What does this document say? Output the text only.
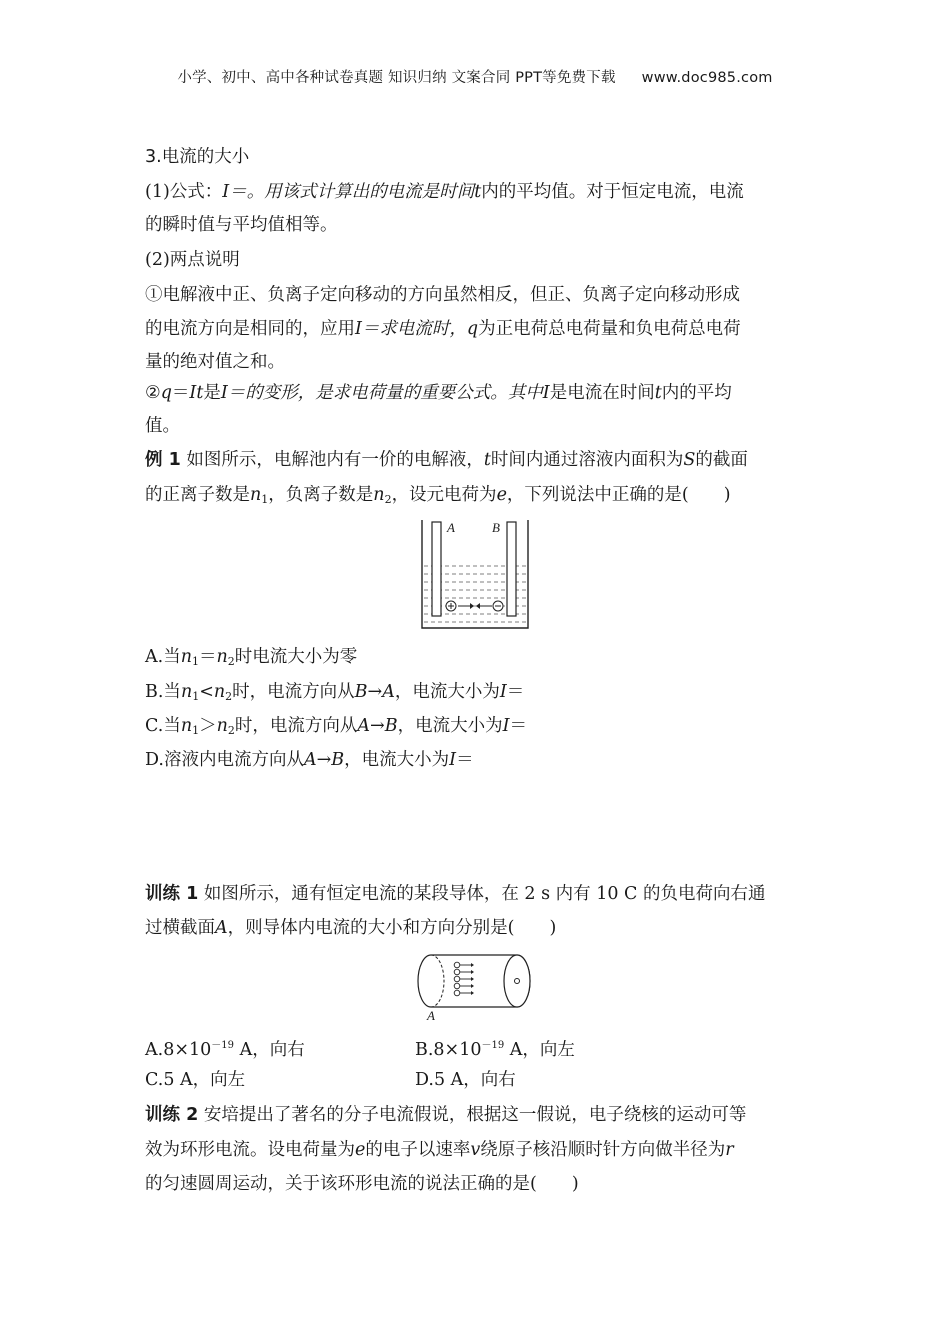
小学、初中、高中各种试卷真题 知识归纳 文案合同 PPT等免费下载 www.doc985.com
3.电流的大小
(1)公式：I＝。用该式计算出的电流是时间t内的平均值。对于恒定电流，电流
的瞬时值与平均值相等。
(2)两点说明
①电解液中正、负离子定向移动的方向虽然相反，但正、负离子定向移动形成
的电流方向是相同的，应用I＝求电流时，q为正电荷总电荷量和负电荷总电荷
量的绝对值之和。
②q＝It是I＝的变形，是求电荷量的重要公式。其中I是电流在时间t内的平均
值。
例 1 如图所示，电解池内有一价的电解液，t时间内通过溶液内面积为S的截面
的正离子数是$n_1$，负离子数是$n_2$，设元电荷为e，下列说法中正确的是(　　)
A	B
A.当$n_1=n_2$时电流大小为零
B.当$n_1<n_2$时，电流方向从B→A，电流大小为I＝
C.当$n_1>n_2$时，电流方向从A→B，电流大小为I＝
D.溶液内电流方向从A→B，电流大小为I＝
训练 1 如图所示，通有恒定电流的某段导体，在 2 s 内有 10 C 的负电荷向右通
过横截面A，则导体内电流的大小和方向分别是(　　)
A
$A.8\times 10^{-19}$ A，向右	$B.8\times 10^{-19}$ A，向左
C.5 A，向左	D.5 A，向右
训练 2 安培提出了著名的分子电流假说，根据这一假说，电子绕核的运动可等
效为环形电流。设电荷量为e的电子以速率v绕原子核沿顺时针方向做半径为r
的匀速圆周运动，关于该环形电流的说法正确的是(　　)
